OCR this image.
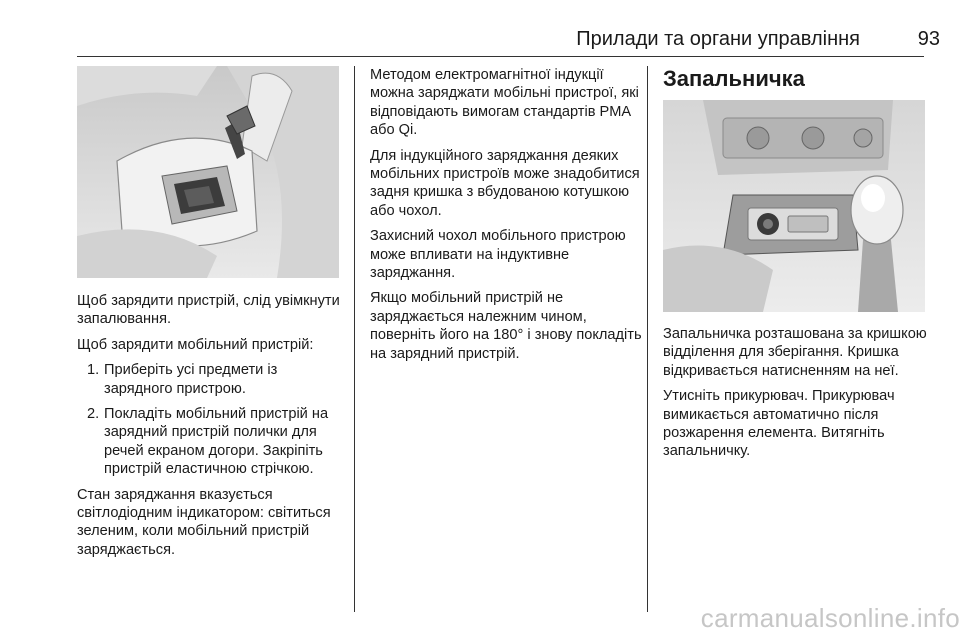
Прилади та органи управління	93

Щоб зарядити пристрій, слід увімкнути запалювання.

Щоб зарядити мобільний пристрій:

1. Приберіть усі предмети із зарядного пристрою.
2. Покладіть мобільний пристрій на зарядний пристрій полички для речей екраном догори. Закріпіть пристрій еластичною стрічкою.

Стан заряджання вказується світлодіодним індикатором: світиться зеленим, коли мобільний пристрій заряджається.

Методом електромагнітної індукції можна заряджати мобільні пристрої, які відповідають вимогам стандартів PMA або Qi.

Для індукційного заряджання деяких мобільних пристроїв може знадобитися задня кришка з вбудованою котушкою або чохол.

Захисний чохол мобільного пристрою може впливати на індуктивне заряджання.

Якщо мобільний пристрій не заряджається належним чином, поверніть його на 180° і знову покладіть на зарядний пристрій.

Запальничка

Запальничка розташована за кришкою відділення для зберігання. Кришка відкривається натисненням на неї.

Утисніть прикурювач. Прикурювач вимикається автоматично після розжарення елемента. Витягніть запальничку.

carmanualsonline.info
